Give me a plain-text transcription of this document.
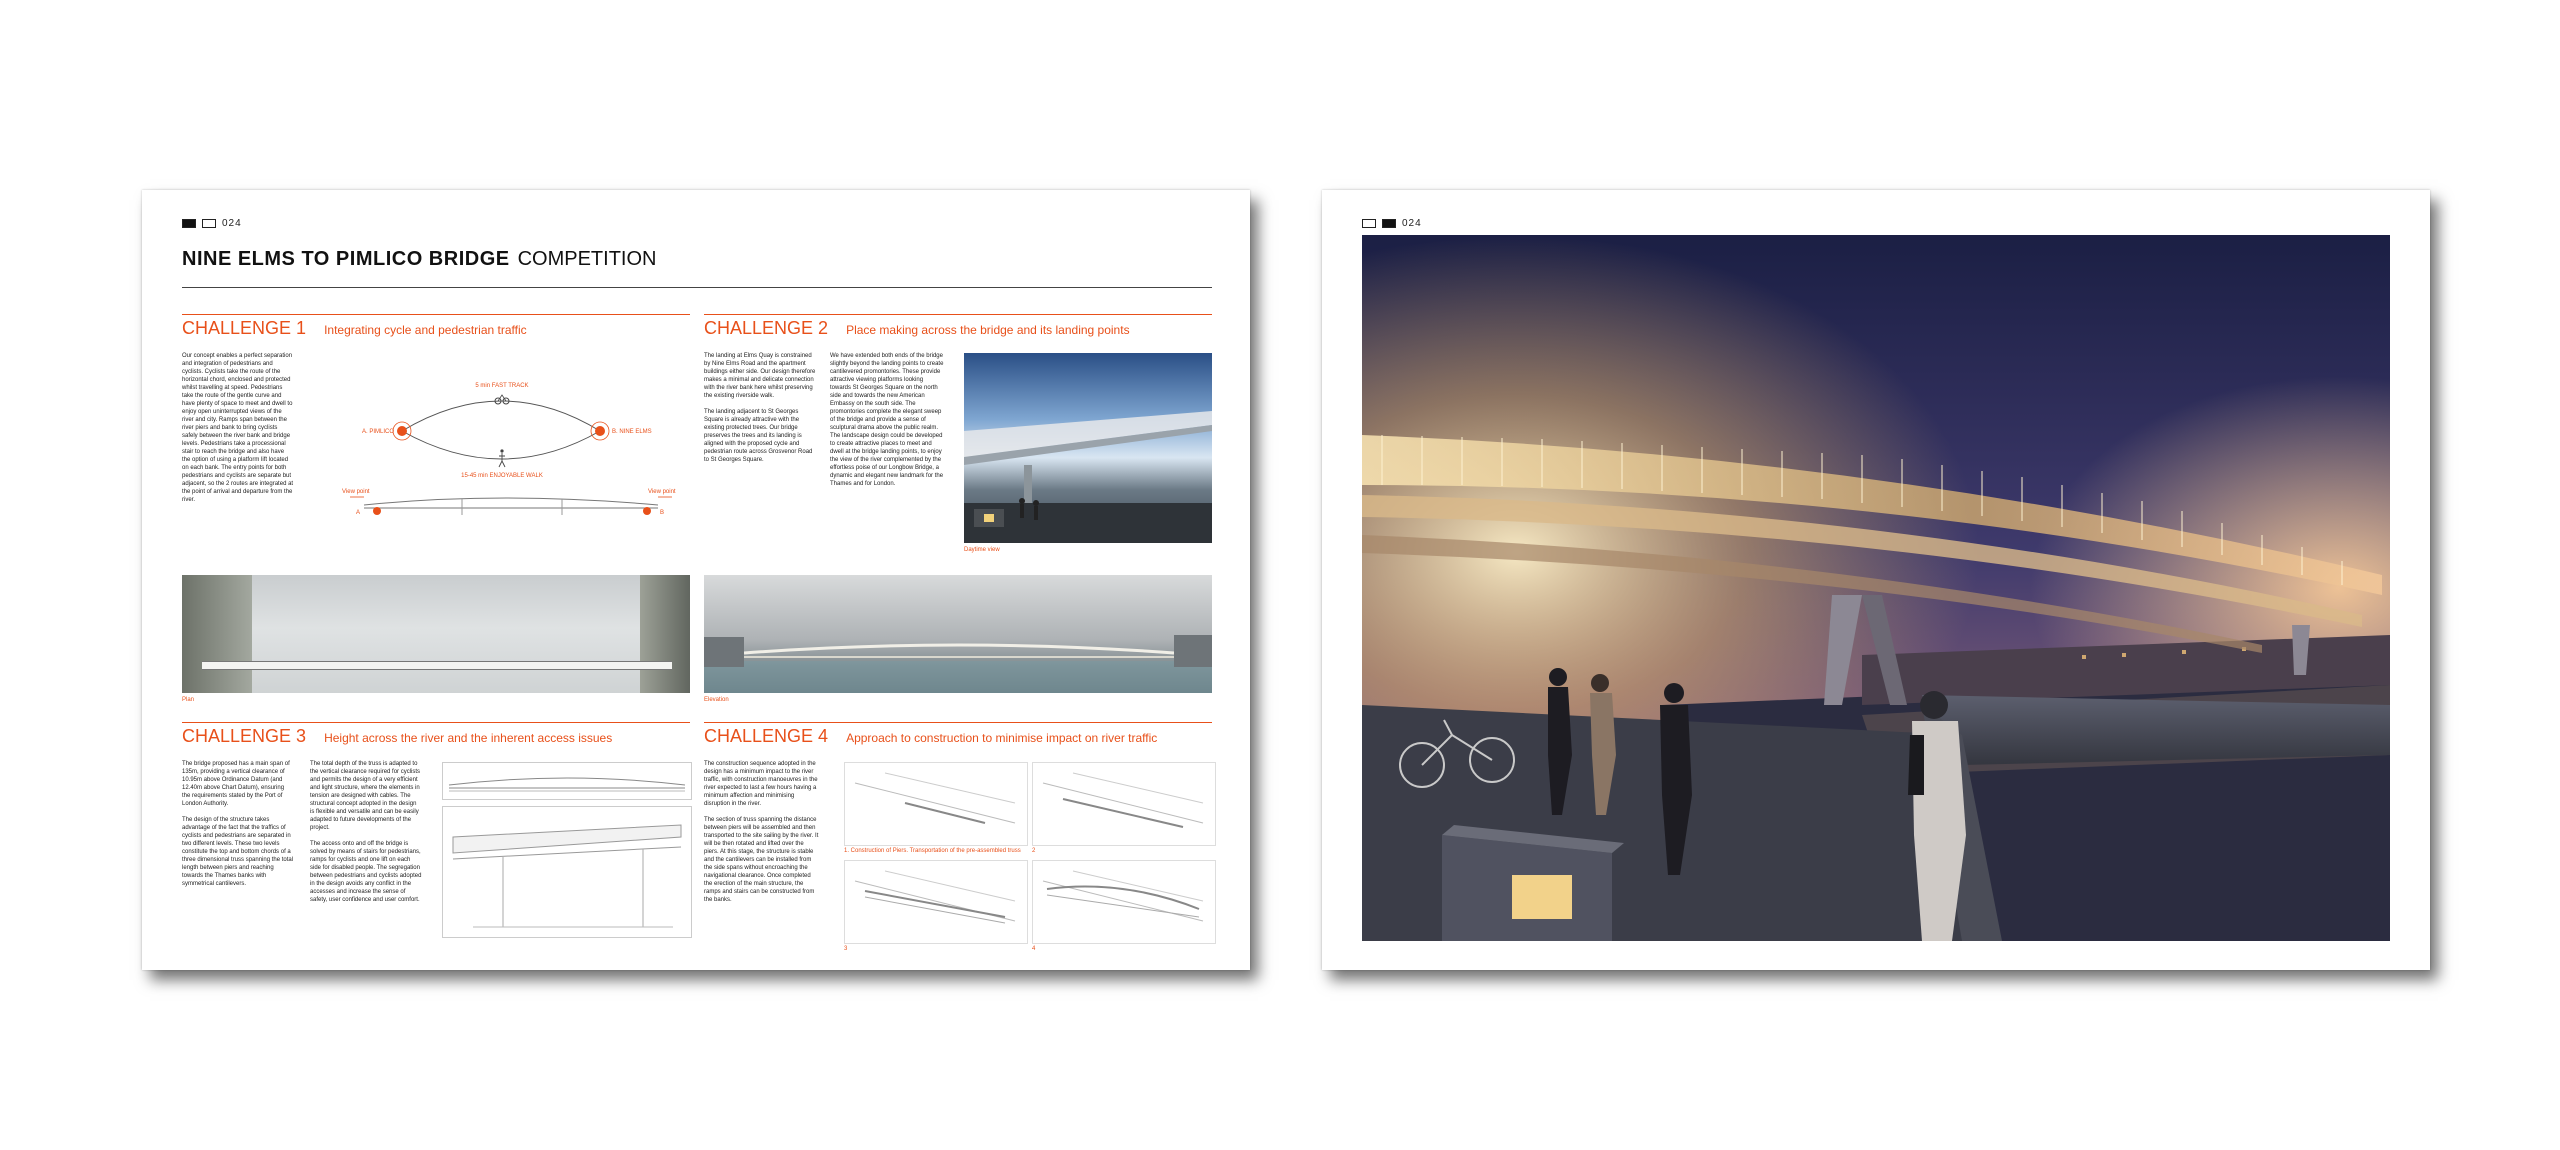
024
NINE ELMS TO PIMLICO BRIDGE COMPETITION
CHALLENGE 1 Integrating cycle and pedestrian traffic

Our concept enables a perfect separation and integration of pedestrians and cyclists. Cyclists take the route of the horizontal chord, enclosed and protected whilst travelling at speed. Pedestrians take the route of the gentle curve and have plenty of space to meet and dwell to enjoy open uninterrupted views of the river and city. Ramps span between the river piers and bank to bring cyclists safely between the river bank and bridge levels. Pedestrians take a processional stair to reach the bridge and also have the option of using a platform lift located on each bank. The entry points for both pedestrians and cyclists are separate but adjacent, so the 2 routes are integrated at the point of arrival and departure from the river.

5 min FAST TRACK
15-45 min ENJOYABLE WALK
A. PIMLICO	B. NINE ELMS
View point	View point
A	B
Plan
CHALLENGE 2 Place making across the bridge and its landing points

The landing at Elms Quay is constrained by Nine Elms Road and the apartment buildings either side. Our design therefore makes a minimal and delicate connection with the river bank here whilst preserving the existing riverside walk.

The landing adjacent to St Georges Square is already attractive with the existing protected trees. Our bridge preserves the trees and its landing is aligned with the proposed cycle and pedestrian route across Grosvenor Road to St Georges Square.

We have extended both ends of the bridge slightly beyond the landing points to create cantilevered promontories. These provide attractive viewing platforms looking towards St Georges Square on the north side and towards the new American Embassy on the south side. The promontories complete the elegant sweep of the bridge and provide a sense of sculptural drama above the public realm. The landscape design could be developed to create attractive places to meet and dwell at the bridge landing points, to enjoy the view of the river complemented by the effortless poise of our Longbow Bridge, a dynamic and elegant new landmark for the Thames and for London.

Daytime view
Elevation
CHALLENGE 3 Height across the river and the inherent access issues

The bridge proposed has a main span of 135m, providing a vertical clearance of 10.95m above Ordinance Datum (and 12.40m above Chart Datum), ensuring the requirements stated by the Port of London Authority.

The design of the structure takes advantage of the fact that the traffics of cyclists and pedestrians are separated in two different levels. These two levels constitute the top and bottom chords of a three dimensional truss spanning the total length between piers and reaching towards the Thames banks with symmetrical cantilevers.

The total depth of the truss is adapted to the vertical clearance required for cyclists and permits the design of a very efficient and light structure, where the elements in tension are designed with cables. The structural concept adopted in the design is flexible and versatile and can be easily adapted to future developments of the project.

The access onto and off the bridge is solved by means of stairs for pedestrians, ramps for cyclists and one lift on each side for disabled people. The segregation between pedestrians and cyclists adopted in the design avoids any conflict in the accesses and increase the sense of safety, user confidence and user comfort.

CHALLENGE 4 Approach to construction to minimise impact on river traffic

The construction sequence adopted in the design has a minimum impact to the river traffic, with construction manoeuvres in the river expected to last a few hours having a minimum affection and minimising disruption in the river.

The section of truss spanning the distance between piers will be assembled and then transported to the site sailing by the river. It will be then rotated and lifted over the piers. At this stage, the structure is stable and the cantilevers can be installed from the side spans without encroaching the navigational clearance. Once completed the erection of the main structure, the ramps and stairs can be constructed from the banks.

1. Construction of Piers. Transportation of the pre-assembled truss 2
3	4
024
